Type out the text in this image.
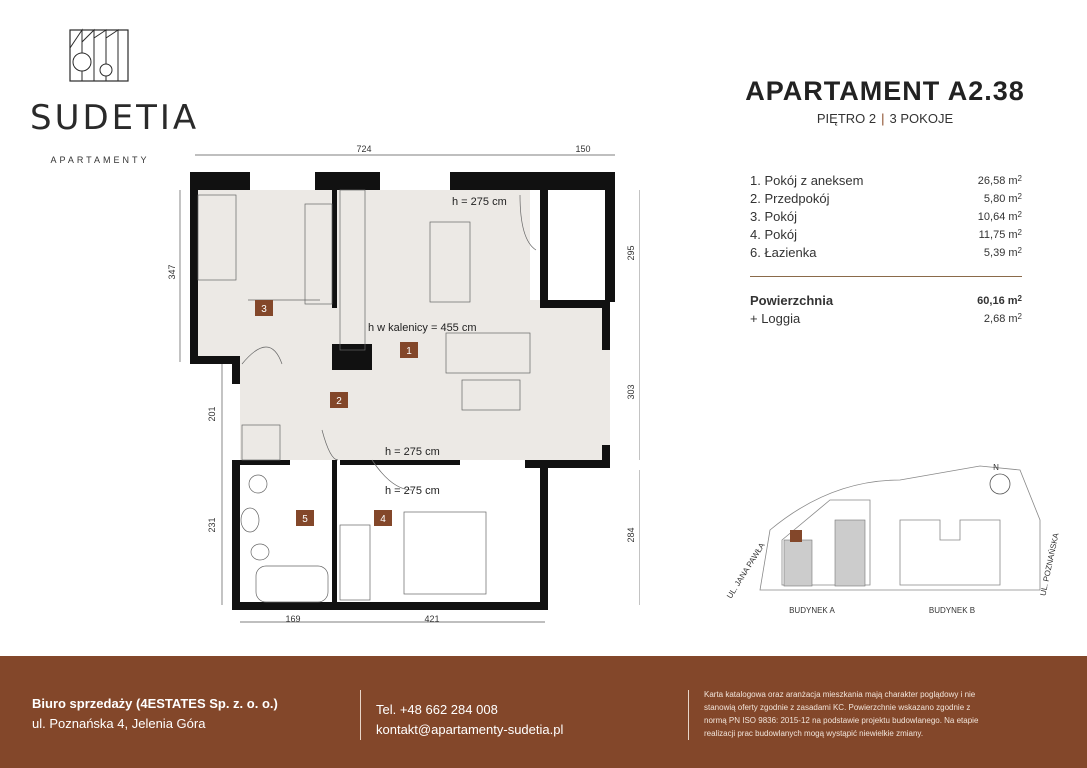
SUDETIA
APARTAMENTY
APARTAMENT A2.38
PIĘTRO 2 | 3 POKOJE
1. Pokój z aneksem	26,58 $m^2$
2. Przedpokój	5,80 $m^2$
3. Pokój	10,64 $m^2$
4. Pokój	11,75 $m^2$
6. Łazienka	5,39 $m^2$
Powierzchnia	60,16 $m^2$
+ Loggia	2,68 $m^2$
724	150
347
201
231
295
303
284
169	421
1
2
3
4
5
h = 275 cm
h w kalenicy = 455 cm
h = 275 cm
h = 275 cm
N
UL. JANA PAWŁA	UL. POZNAŃSKA
BUDYNEK A	BUDYNEK B
Biuro sprzedaży (4ESTATES Sp. z. o. o.)
ul. Poznańska 4, Jelenia Góra
Tel. +48 662 284 008
kontakt@apartamenty-sudetia.pl
Karta katalogowa oraz aranżacja mieszkania mają charakter poglądowy i nie
stanowią oferty zgodnie z zasadami KC. Powierzchnie wskazano zgodnie z
normą PN ISO 9836: 2015-12 na podstawie projektu budowlanego. Na etapie
realizacji prac budowlanych mogą wystąpić niewielkie zmiany.
